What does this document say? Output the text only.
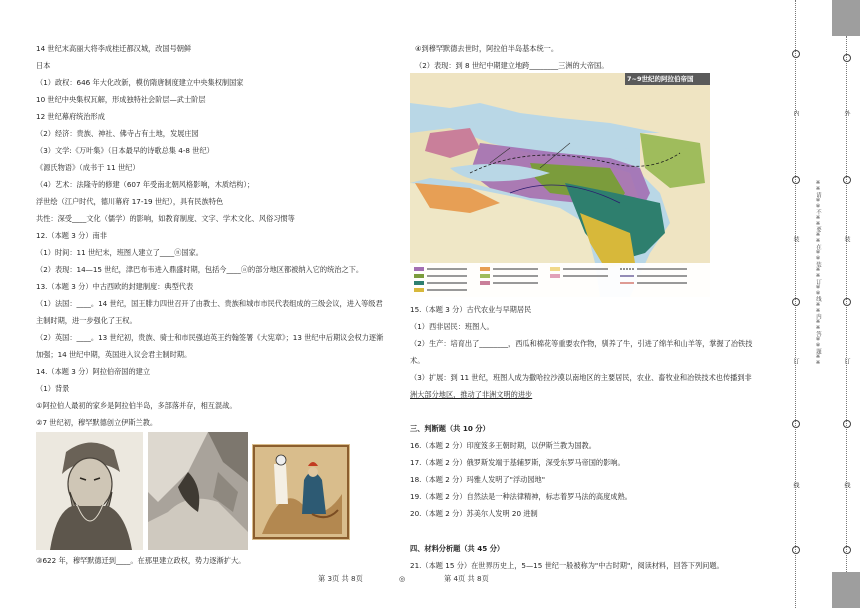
14 世纪末高丽大将李成桂迁都汉城，改国号朝鲜
日本
（1）政权：646 年大化改新，模仿隋唐制度建立中央集权制国家
10 世纪中央集权瓦解，形成独特社会阶层—武士阶层
12 世纪幕府统治形成
（2）经济：贵族、神社、佛寺占有土地，发展庄园
（3）文学:《万叶集》（日本最早的诗歌总集 4-8 世纪）
《源氏物语》（成书于 11 世纪）
（4）艺术：法隆寺的修建（607 年受南北朝风格影响，木质结构）；
浮世绘（江户时代，德川幕府 17-19 世纪），具有民族特色
共性：深受____文化（儒学）的影响，如教育制度、文字、学术文化、风俗习惯等
12.（本题 3 分）南非
（1）时间：11 世纪末，班图人建立了____ⓝ国家。
（2）表现：14—15 世纪，津巴布韦进入鼎盛时期，包括今____ⓐ的部分地区都被纳入它的统治之下。
13.（本题 3 分）中古西欧的封建制度：典型代表
（1）法国：____。14 世纪，国王腓力四世召开了由教士、贵族和城市市民代表组成的三级会议，进入等级君
主制时期，进一步强化了王权。
（2）英国：____。13 世纪初，贵族、骑士和市民强迫英王约翰签署《大宪章》；13 世纪中后期议会权力逐渐
加强；14 世纪中期，英国进入议会君主制时期。
14.（本题 3 分）阿拉伯帝国的建立
（1）背景
①阿拉伯人最初的家乡是阿拉伯半岛，多部落并存，相互混战。
②7 世纪初，穆罕默德创立伊斯兰教。
③622 年，穆罕默德迁到____。在那里建立政权，势力逐渐扩大。
④到穆罕默德去世时，阿拉伯半岛基本统一。
（2）表现：到 8 世纪中期建立地跨________三洲的大帝国。
7~9世纪的阿拉伯帝国
15.（本题 3 分）古代农业与早期居民
（1）西非居民：班图人。
（2）生产：培育出了________，西瓜和棉花等重要农作物，驯养了牛，引进了绵羊和山羊等，掌握了冶铁技
术。
（3）扩展：到 11 世纪，班图人成为撒哈拉沙漠以南地区的主要居民，农业、畜牧业和冶铁技术也传播到非
洲大部分地区，推动了非洲文明的进步
三、判断题（共 10 分）
16.（本题 2 分）印度笈多王朝时期，以伊斯兰教为国教。
17.（本题 2 分）俄罗斯发端于基辅罗斯，深受东罗马帝国的影响。
18.（本题 2 分）玛雅人发明了"浮动园地"
19.（本题 2 分）自然法是一种法律精神，标志着罗马法的高度成熟。
20.（本题 2 分）苏美尔人发明 20 进制
四、材料分析题（共 45 分）
21.（本题 15 分）在世界历史上，5—15 世纪一般被称为"中古时期"，阅读材料，回答下列问题。
第 3页 共 8页	◎	第 4页 共 8页
内
装
订
线
※※请※※不※※要※※在※※装※※订※※线※※内※※答※※题※※
外
装
订
线
